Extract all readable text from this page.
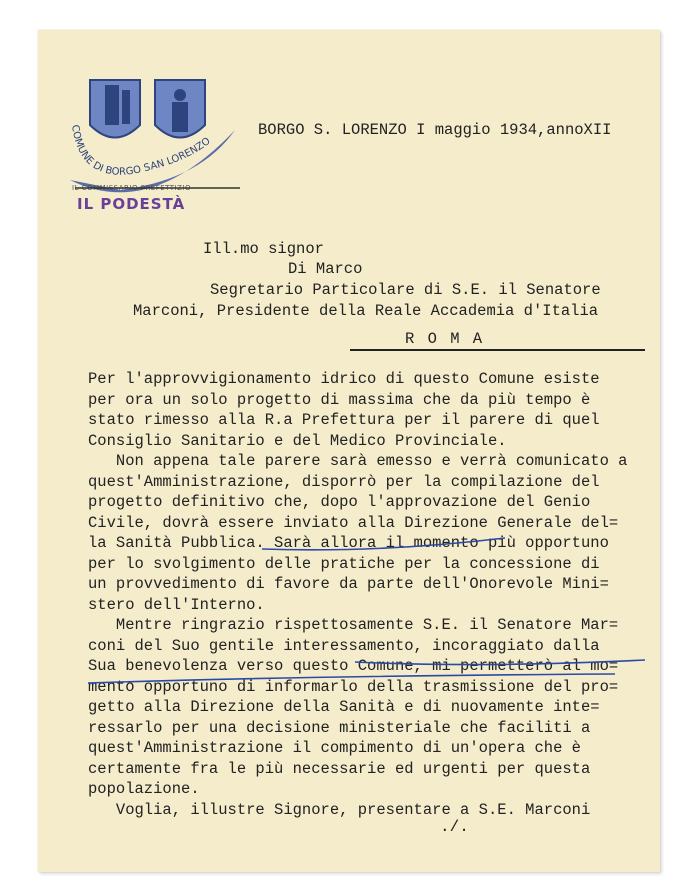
COMUNE DI BORGO SAN LORENZO
IL COMMISSARIO PREFETTIZIO
IL PODESTÀ
BORGO S. LORENZO I maggio 1934,annoXII
Ill.mo signor
Di Marco
Segretario Particolare di S.E. il Senatore
Marconi, Presidente della Reale Accademia d'Italia
R O M A
Per l'approvvigionamento idrico di questo Comune esiste
per ora un solo progetto di massima che da più tempo è
stato rimesso alla R.a Prefettura per il parere di quel
Consiglio Sanitario e del Medico Provinciale.
Non appena tale parere sarà emesso e verrà comunicato a
quest'Amministrazione, disporrò per la compilazione del
progetto definitivo che, dopo l'approvazione del Genio
Civile, dovrà essere inviato alla Direzione Generale del=
la Sanità Pubblica. Sarà allora il momento più opportuno
per lo svolgimento delle pratiche per la concessione di
un provvedimento di favore da parte dell'Onorevole Mini=
stero dell'Interno.
Mentre ringrazio rispettosamente S.E. il Senatore Mar=
coni del Suo gentile interessamento, incoraggiato dalla
Sua benevolenza verso questo Comune, mi permetterò al mo=
mento opportuno di informarlo della trasmissione del pro=
getto alla Direzione della Sanità e di nuovamente inte=
ressarlo per una decisione ministeriale che faciliti a
quest'Amministrazione il compimento di un'opera che è
certamente fra le più necessarie ed urgenti per questa
popolazione.
Voglia, illustre Signore, presentare a S.E. Marconi
./.
